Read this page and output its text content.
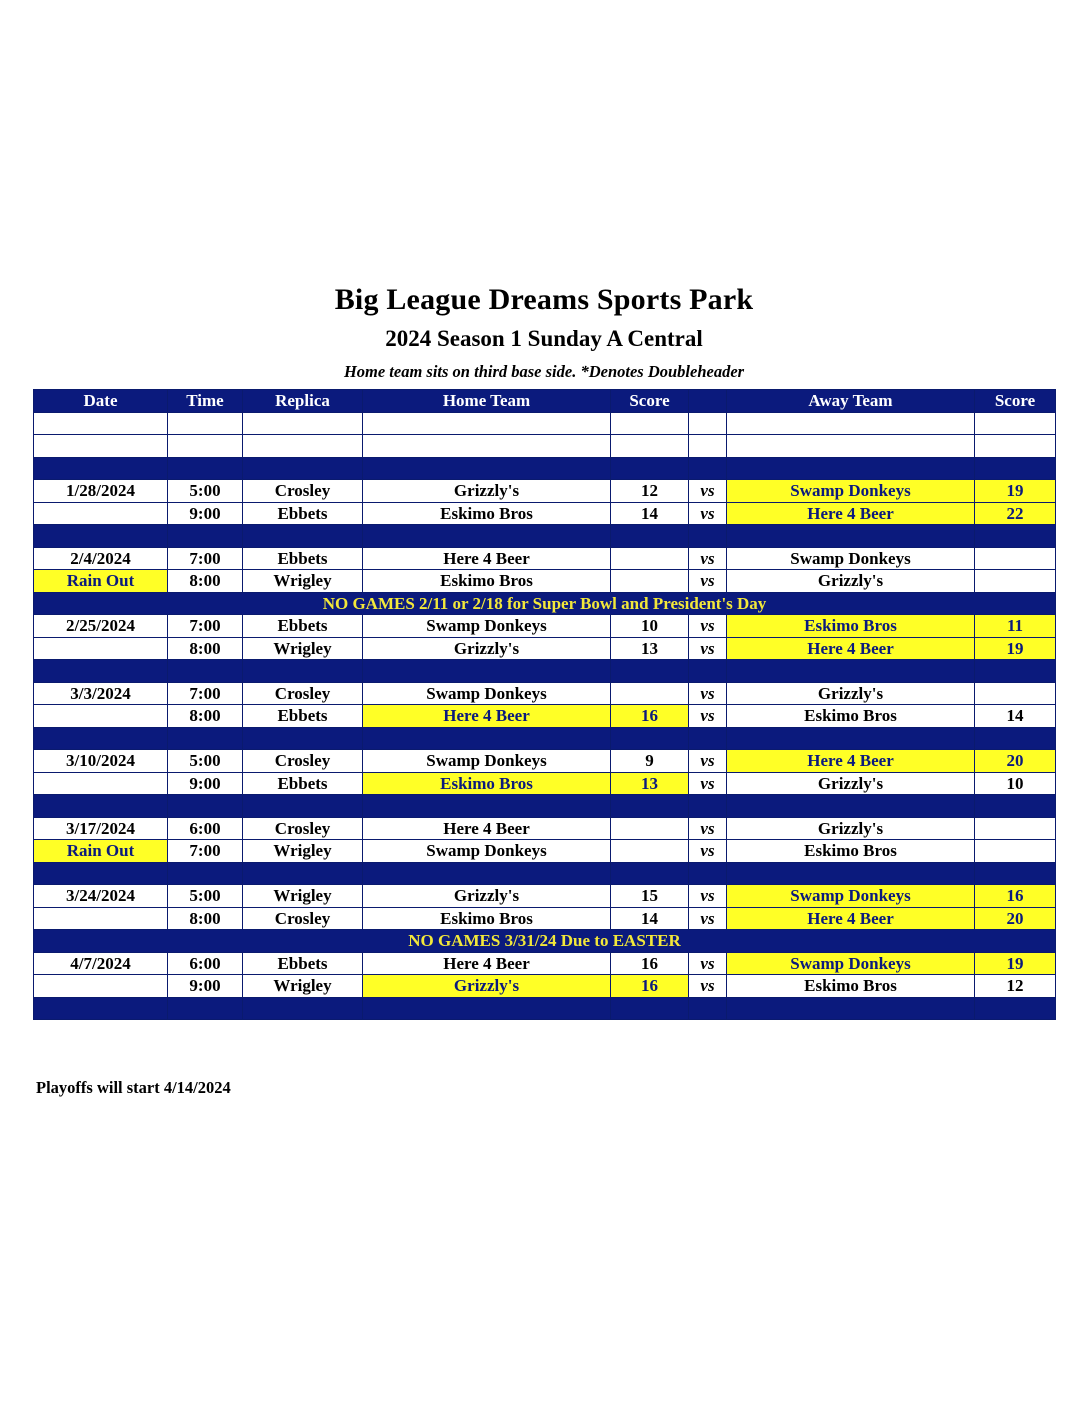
Big League Dreams Sports Park
2024 Season 1 Sunday A Central
Home team sits on third base side. *Denotes Doubleheader
Date	Time	Replica	Home Team	Score		Away Team	Score

1/28/2024	5:00	Crosley	Grizzly's	12	vs	Swamp Donkeys	19
	9:00	Ebbets	Eskimo Bros	14	vs	Here 4 Beer	22

2/4/2024	7:00	Ebbets	Here 4 Beer		vs	Swamp Donkeys	
Rain Out	8:00	Wrigley	Eskimo Bros		vs	Grizzly's	
NO GAMES 2/11 or 2/18 for Super Bowl and President's Day							
2/25/2024	7:00	Ebbets	Swamp Donkeys	10	vs	Eskimo Bros	11
	8:00	Wrigley	Grizzly's	13	vs	Here 4 Beer	19

3/3/2024	7:00	Crosley	Swamp Donkeys		vs	Grizzly's	
	8:00	Ebbets	Here 4 Beer	16	vs	Eskimo Bros	14

3/10/2024	5:00	Crosley	Swamp Donkeys	9	vs	Here 4 Beer	20
	9:00	Ebbets	Eskimo Bros	13	vs	Grizzly's	10

3/17/2024	6:00	Crosley	Here 4 Beer		vs	Grizzly's	
Rain Out	7:00	Wrigley	Swamp Donkeys		vs	Eskimo Bros	

3/24/2024	5:00	Wrigley	Grizzly's	15	vs	Swamp Donkeys	16
	8:00	Crosley	Eskimo Bros	14	vs	Here 4 Beer	20
NO GAMES 3/31/24 Due to EASTER							
4/7/2024	6:00	Ebbets	Here 4 Beer	16	vs	Swamp Donkeys	19
	9:00	Wrigley	Grizzly's	16	vs	Eskimo Bros	12

Playoffs will start 4/14/2024
